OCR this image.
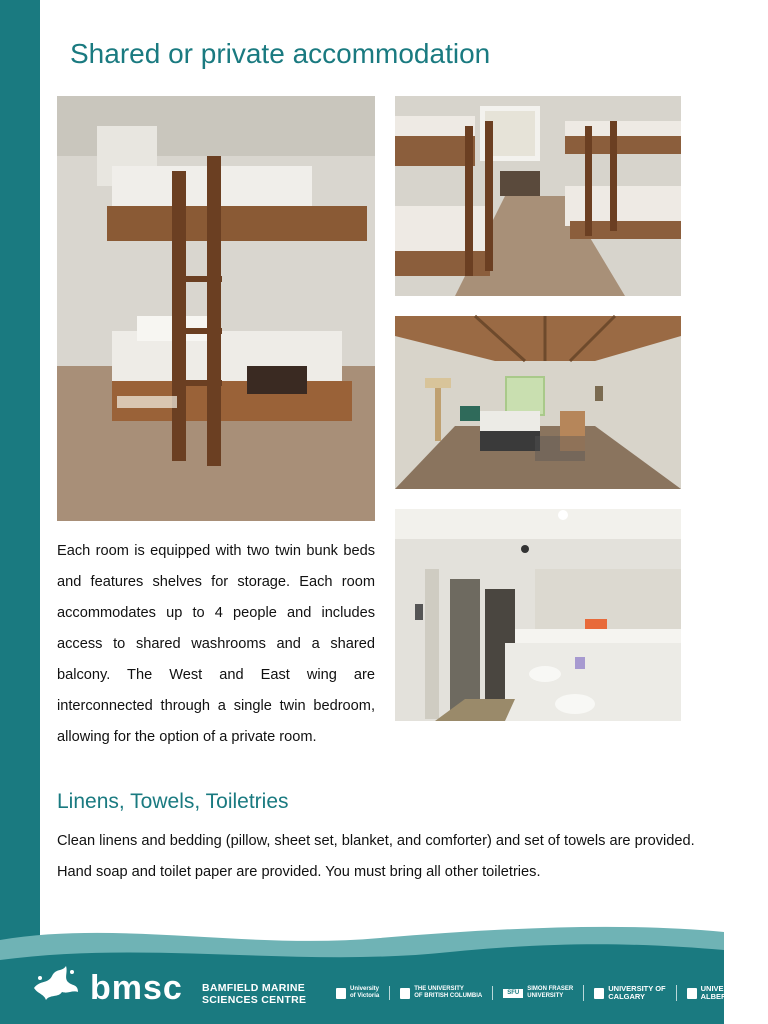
Shared or private accommodation

Each room is equipped with two twin bunk beds and features shelves for storage. Each room accommodates up to 4 people and includes access to shared washrooms and a shared balcony. The West and East wing are interconnected through a single twin bedroom, allowing for the option of a private room.

Linens, Towels, Toiletries

Clean linens and bedding (pillow, sheet set, blanket, and comforter) and set of towels are provided. Hand soap and toilet paper are provided. You must bring all other toiletries.

bmsc BAMFIELD MARINE
SCIENCES CENTRE
University
of Victoria
THE UNIVERSITY
OF BRITISH COLUMBIA
SFU
SIMON FRASER
UNIVERSITY
UNIVERSITY OF
CALGARY
UNIVERSITY OF
ALBERTA
